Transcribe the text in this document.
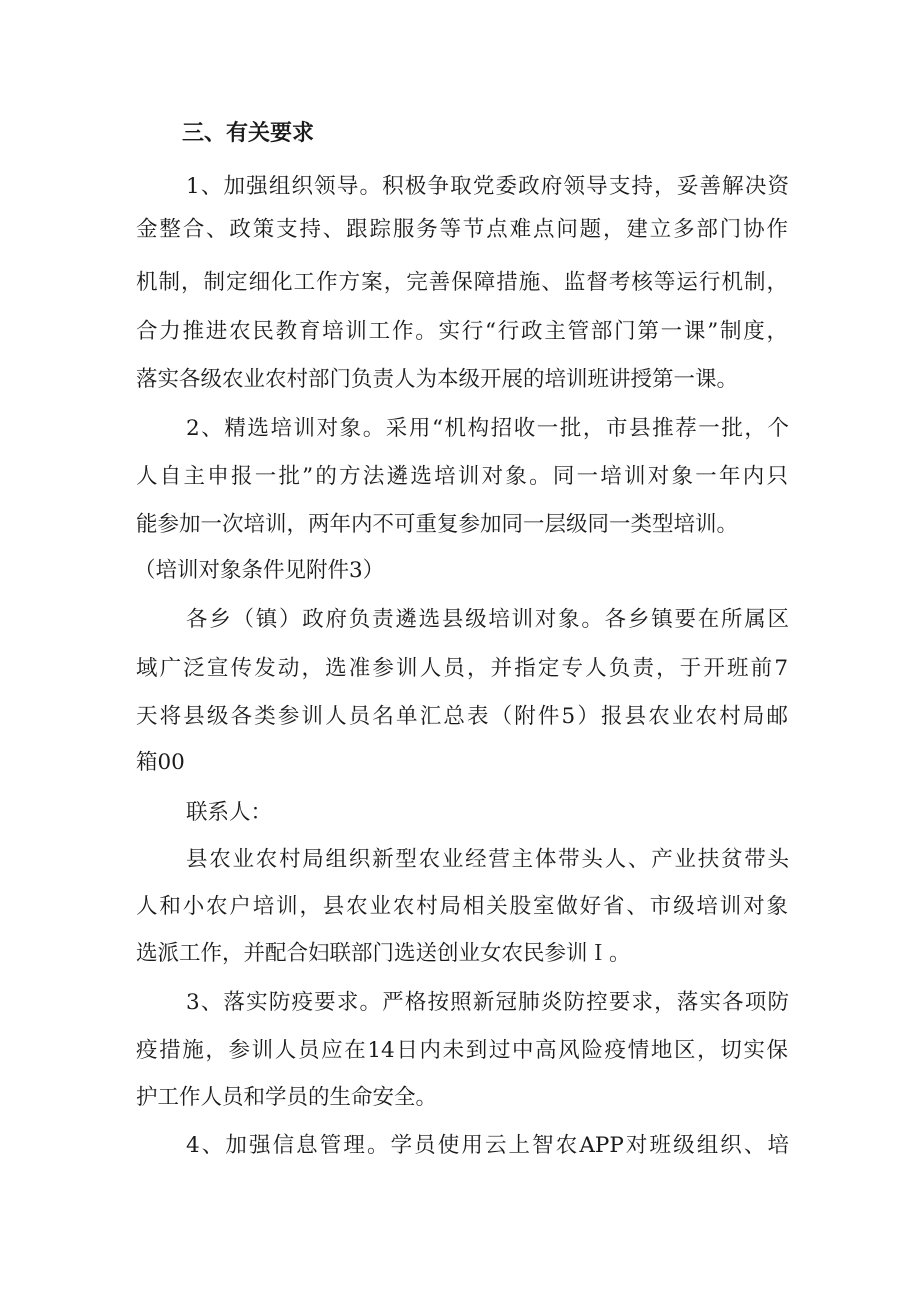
三、有关要求

1、加强组织领导。积极争取党委政府领导支持，妥善解决资

金整合、政策支持、跟踪服务等节点难点问题，建立多部门协作

机制，制定细化工作方案，完善保障措施、监督考核等运行机制，

合力推进农民教育培训工作。实行“行政主管部门第一课”制度，

落实各级农业农村部门负责人为本级开展的培训班讲授第一课。

2、精选培训对象。采用“机构招收一批，市县推荐一批，个

人自主申报一批”的方法遴选培训对象。同一培训对象一年内只

能参加一次培训，两年内不可重复参加同一层级同一类型培训。

（培训对象条件见附件3）

各乡（镇）政府负责遴选县级培训对象。各乡镇要在所属区

域广泛宣传发动，选准参训人员，并指定专人负责，于开班前7

天将县级各类参训人员名单汇总表（附件5）报县农业农村局邮

箱00

联系人：

县农业农村局组织新型农业经营主体带头人、产业扶贫带头

人和小农户培训，县农业农村局相关股室做好省、市级培训对象

选派工作，并配合妇联部门选送创业女农民参训Ｉ。

3、落实防疫要求。严格按照新冠肺炎防控要求，落实各项防

疫措施，参训人员应在14日内未到过中高风险疫情地区，切实保

护工作人员和学员的生命安全。

4、加强信息管理。学员使用云上智农APP对班级组织、培
